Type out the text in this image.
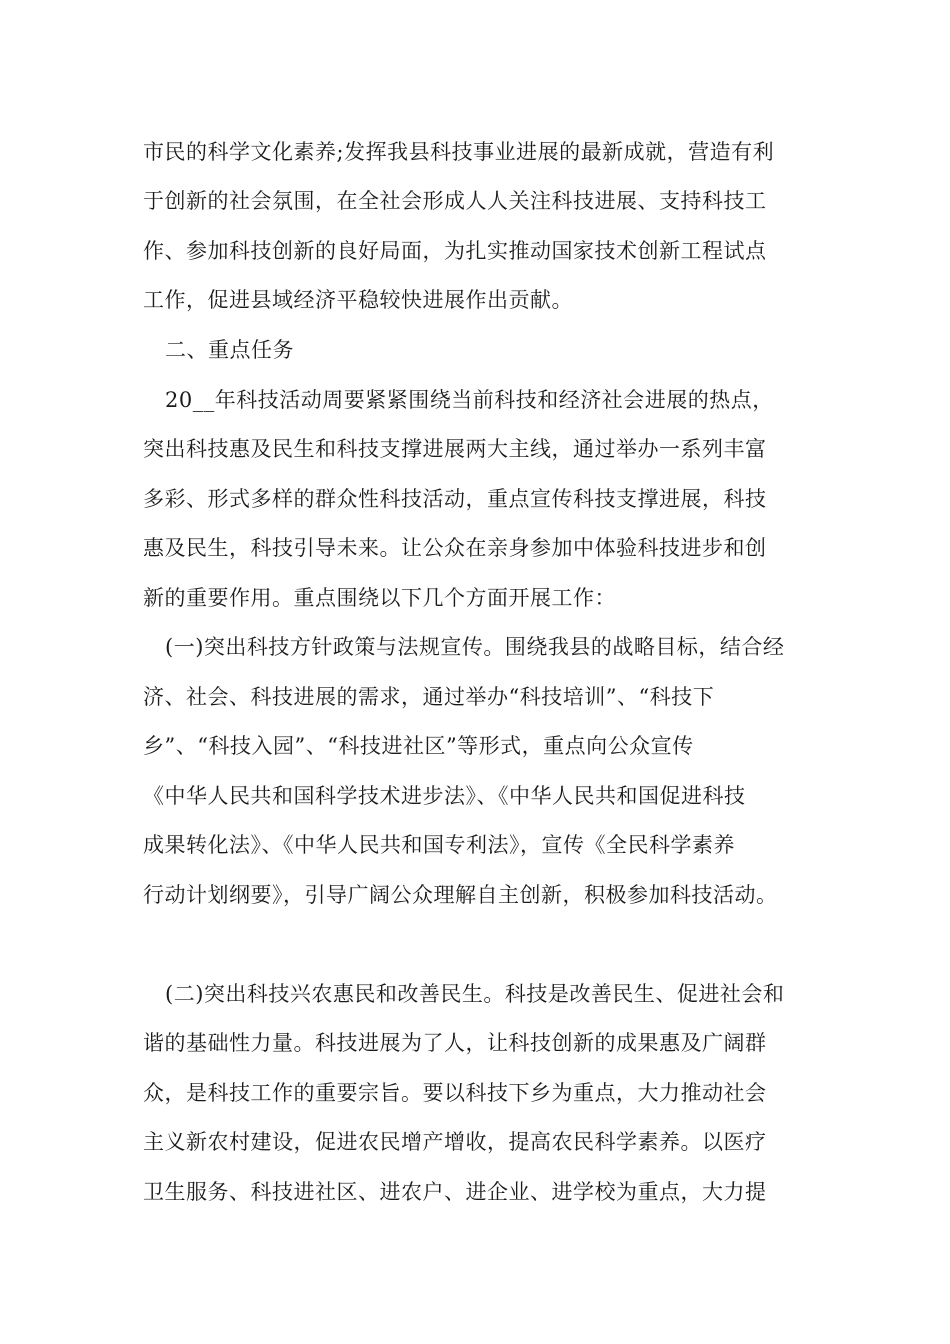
市民的科学文化素养;发挥我县科技事业进展的最新成就，营造有利
于创新的社会氛围，在全社会形成人人关注科技进展、支持科技工
作、参加科技创新的良好局面，为扎实推动国家技术创新工程试点
工作，促进县域经济平稳较快进展作出贡献。
二、重点任务
20__年科技活动周要紧紧围绕当前科技和经济社会进展的热点，
突出科技惠及民生和科技支撑进展两大主线，通过举办一系列丰富
多彩、形式多样的群众性科技活动，重点宣传科技支撑进展，科技
惠及民生，科技引导未来。让公众在亲身参加中体验科技进步和创
新的重要作用。重点围绕以下几个方面开展工作：
(一)突出科技方针政策与法规宣传。围绕我县的战略目标，结合经
济、社会、科技进展的需求，通过举办“科技培训”、“科技下
乡”、“科技入园”、“科技进社区”等形式，重点向公众宣传
《中华人民共和国科学技术进步法》、《中华人民共和国促进科技
成果转化法》、《中华人民共和国专利法》，宣传《全民科学素养
行动计划纲要》，引导广阔公众理解自主创新，积极参加科技活动。
(二)突出科技兴农惠民和改善民生。科技是改善民生、促进社会和
谐的基础性力量。科技进展为了人，让科技创新的成果惠及广阔群
众，是科技工作的重要宗旨。要以科技下乡为重点，大力推动社会
主义新农村建设，促进农民增产增收，提高农民科学素养。以医疗
卫生服务、科技进社区、进农户、进企业、进学校为重点，大力提
